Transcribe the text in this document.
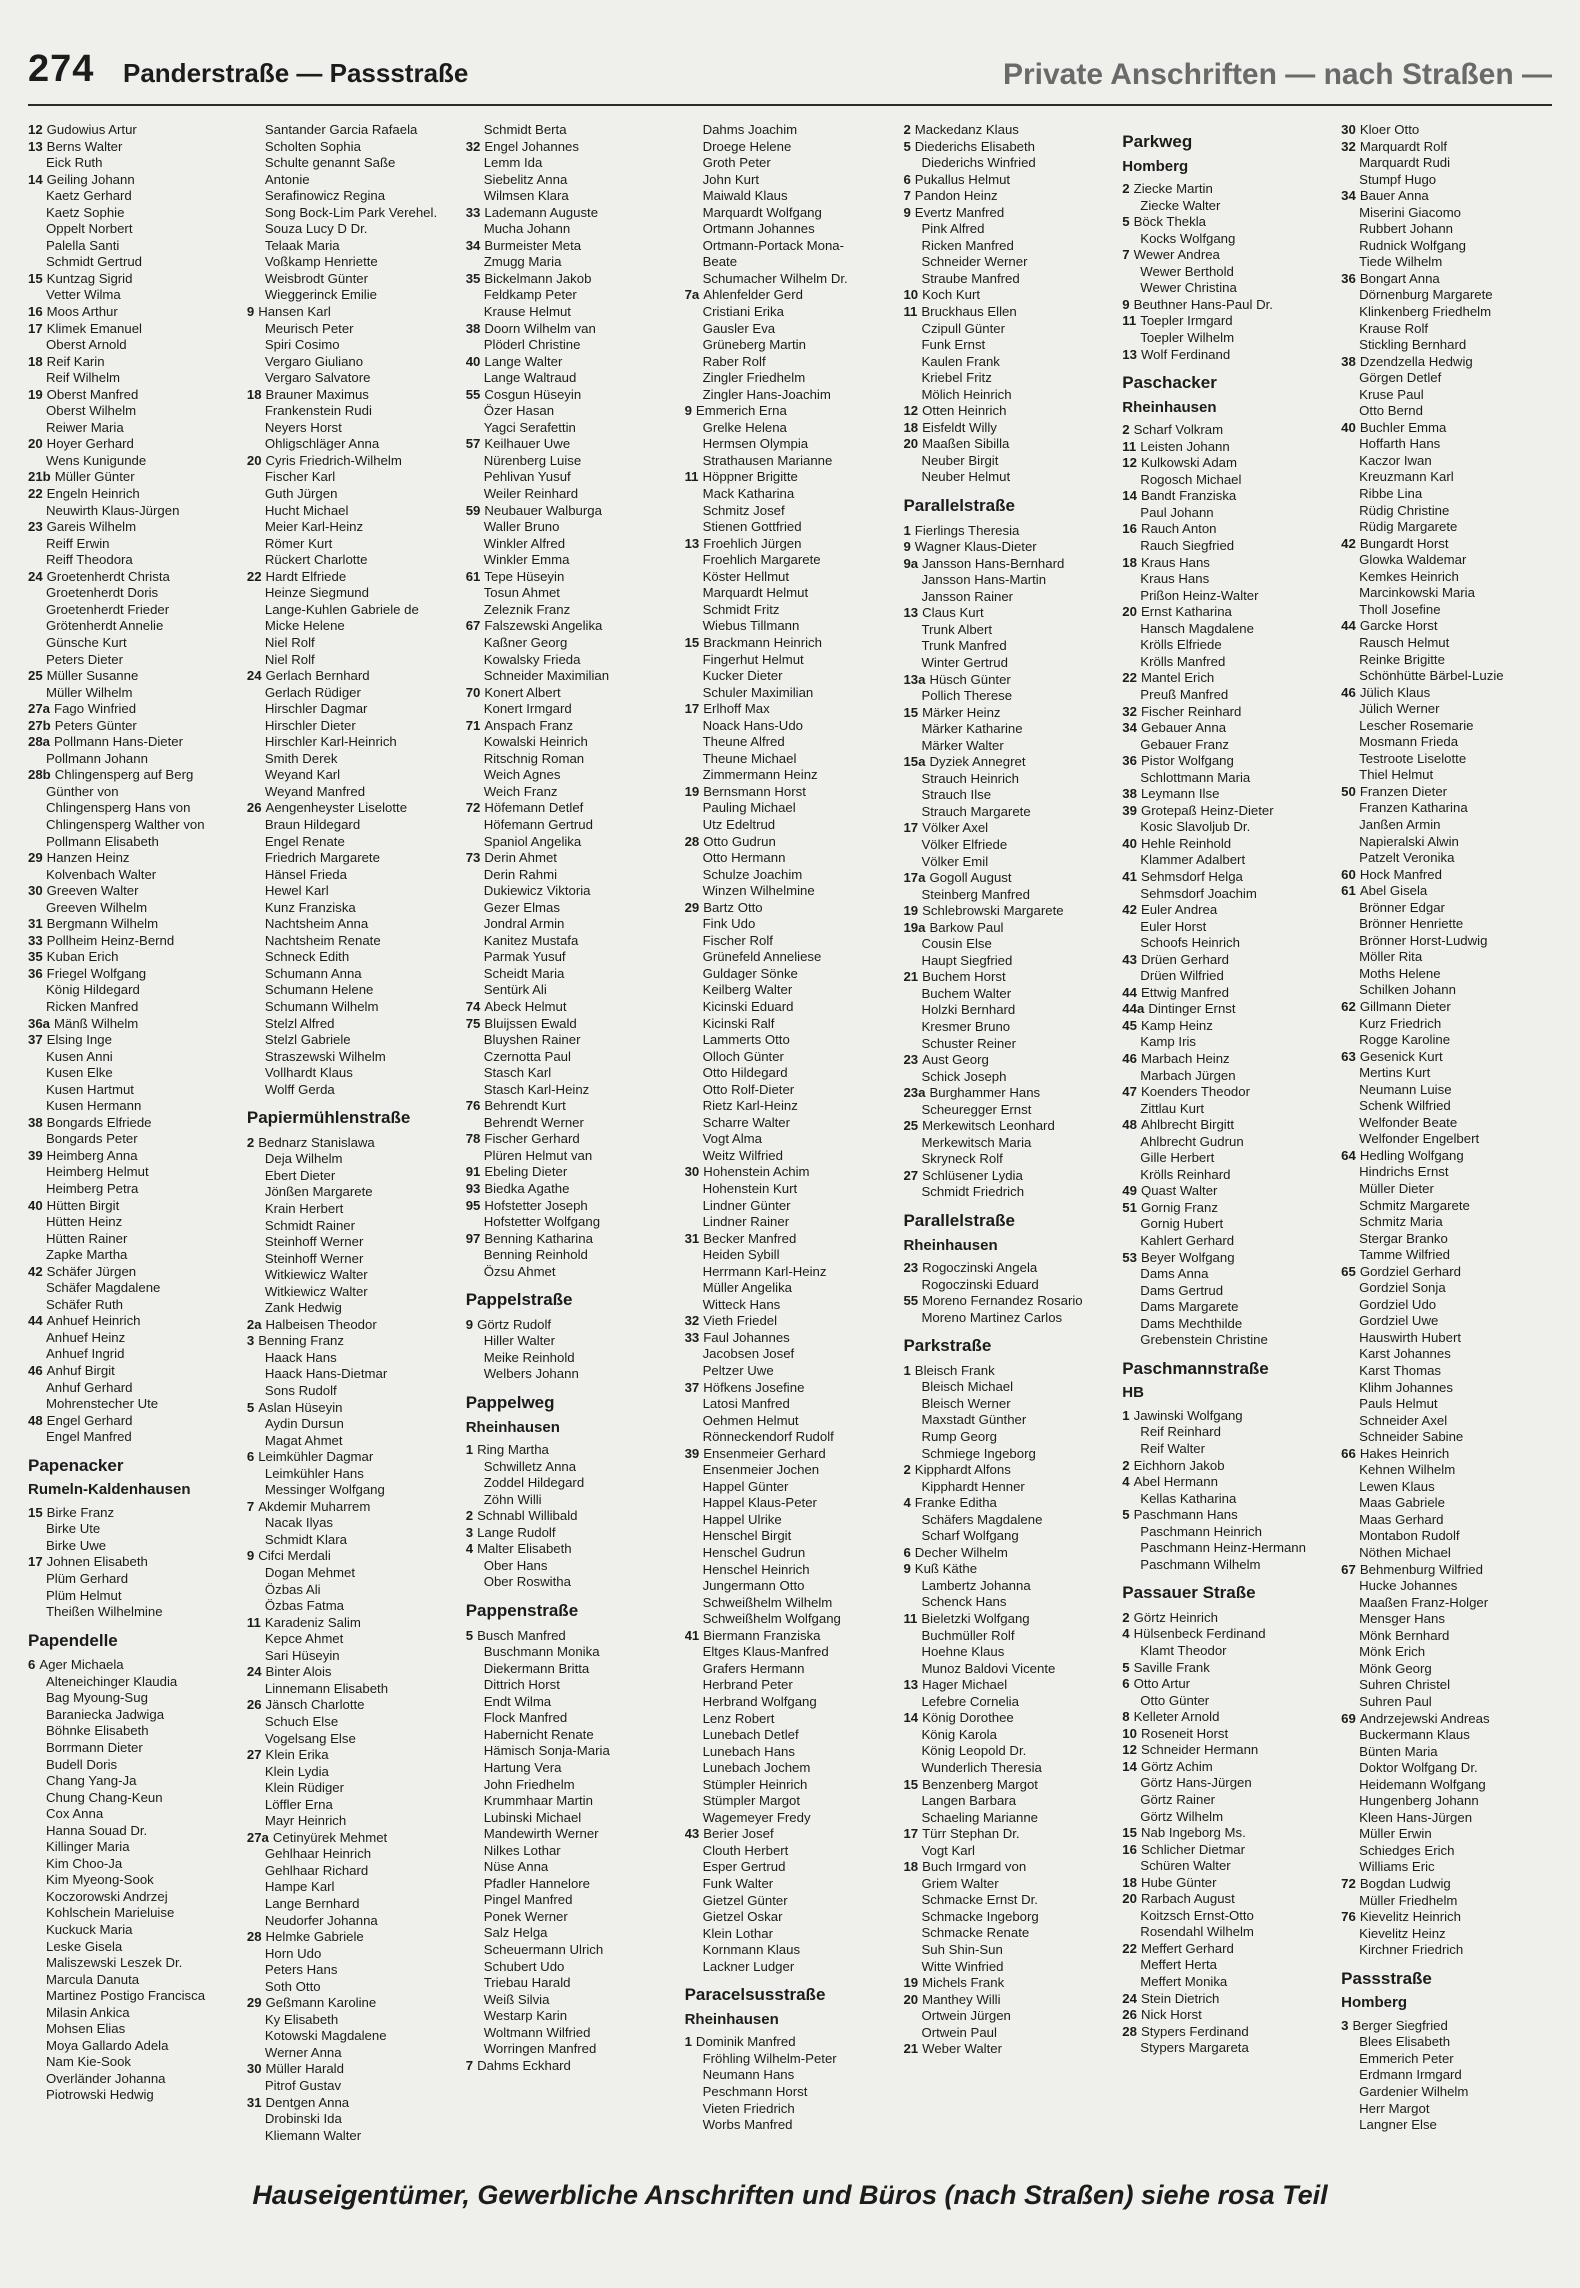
274 Panderstraße — Passstraße	Private Anschriften — nach Straßen —
12 Gudowius Artur
13 Berns Walter
Eick Ruth
14 Geiling Johann
Kaetz Gerhard
Kaetz Sophie
Oppelt Norbert
Palella Santi
Schmidt Gertrud
15 Kuntzag Sigrid
Vetter Wilma
16 Moos Arthur
17 Klimek Emanuel
Oberst Arnold
18 Reif Karin
Reif Wilhelm
19 Oberst Manfred
Oberst Wilhelm
Reiwer Maria
20 Hoyer Gerhard
Wens Kunigunde
21b Müller Günter
22 Engeln Heinrich
Neuwirth Klaus-Jürgen
23 Gareis Wilhelm
Reiff Erwin
Reiff Theodora
24 Groetenherdt Christa
Groetenherdt Doris
Groetenherdt Frieder
Grötenherdt Annelie
Günsche Kurt
Peters Dieter
25 Müller Susanne
Müller Wilhelm
27a Fago Winfried
27b Peters Günter
28a Pollmann Hans-Dieter
Pollmann Johann
28b Chlingensperg auf Berg
Günther von
Chlingensperg Hans von
Chlingensperg Walther von
Pollmann Elisabeth
29 Hanzen Heinz
Kolvenbach Walter
30 Greeven Walter
Greeven Wilhelm
31 Bergmann Wilhelm
33 Pollheim Heinz-Bernd
35 Kuban Erich
36 Friegel Wolfgang
König Hildegard
Ricken Manfred
36a Mänß Wilhelm
37 Elsing Inge
Kusen Anni
Kusen Elke
Kusen Hartmut
Kusen Hermann
38 Bongards Elfriede
Bongards Peter
39 Heimberg Anna
Heimberg Helmut
Heimberg Petra
40 Hütten Birgit
Hütten Heinz
Hütten Rainer
Zapke Martha
42 Schäfer Jürgen
Schäfer Magdalene
Schäfer Ruth
44 Anhuef Heinrich
Anhuef Heinz
Anhuef Ingrid
46 Anhuf Birgit
Anhuf Gerhard
Mohrenstecher Ute
48 Engel Gerhard
Engel Manfred
Papenacker
Rumeln-Kaldenhausen
15 Birke Franz
Birke Ute
Birke Uwe
17 Johnen Elisabeth
Plüm Gerhard
Plüm Helmut
Theißen Wilhelmine
Papendelle
6 Ager Michaela
Alteneichinger Klaudia
Bag Myoung-Sug
Baraniecka Jadwiga
Böhnke Elisabeth
Borrmann Dieter
Budell Doris
Chang Yang-Ja
Chung Chang-Keun
Cox Anna
Hanna Souad Dr.
Killinger Maria
Kim Choo-Ja
Kim Myeong-Sook
Koczorowski Andrzej
Kohlschein Marieluise
Kuckuck Maria
Leske Gisela
Maliszewski Leszek Dr.
Marcula Danuta
Martinez Postigo Francisca
Milasin Ankica
Mohsen Elias
Moya Gallardo Adela
Nam Kie-Sook
Overländer Johanna
Piotrowski Hedwig
Santander Garcia Rafaela
Scholten Sophia
Schulte genannt Saße
Antonie
Serafinowicz Regina
Song Bock-Lim Park Verehel.
Souza Lucy D Dr.
Telaak Maria
Voßkamp Henriette
Weisbrodt Günter
Wieggerinck Emilie
9 Hansen Karl
Meurisch Peter
Spiri Cosimo
Vergaro Giuliano
Vergaro Salvatore
18 Brauner Maximus
Frankenstein Rudi
Neyers Horst
Ohligschläger Anna
20 Cyris Friedrich-Wilhelm
Fischer Karl
Guth Jürgen
Hucht Michael
Meier Karl-Heinz
Römer Kurt
Rückert Charlotte
22 Hardt Elfriede
Heinze Siegmund
Lange-Kuhlen Gabriele de
Micke Helene
Niel Rolf
Niel Rolf
24 Gerlach Bernhard
Gerlach Rüdiger
Hirschler Dagmar
Hirschler Dieter
Hirschler Karl-Heinrich
Smith Derek
Weyand Karl
Weyand Manfred
26 Aengenheyster Liselotte
Braun Hildegard
Engel Renate
Friedrich Margarete
Hänsel Frieda
Hewel Karl
Kunz Franziska
Nachtsheim Anna
Nachtsheim Renate
Schneck Edith
Schumann Anna
Schumann Helene
Schumann Wilhelm
Stelzl Alfred
Stelzl Gabriele
Straszewski Wilhelm
Vollhardt Klaus
Wolff Gerda
Papiermühlenstraße
2 Bednarz Stanislawa
Deja Wilhelm
Ebert Dieter
Jönßen Margarete
Krain Herbert
Schmidt Rainer
Steinhoff Werner
Steinhoff Werner
Witkiewicz Walter
Witkiewicz Walter
Zank Hedwig
2a Halbeisen Theodor
3 Benning Franz
Haack Hans
Haack Hans-Dietmar
Sons Rudolf
5 Aslan Hüseyin
Aydin Dursun
Magat Ahmet
6 Leimkühler Dagmar
Leimkühler Hans
Messinger Wolfgang
7 Akdemir Muharrem
Nacak Ilyas
Schmidt Klara
9 Cifci Merdali
Dogan Mehmet
Özbas Ali
Özbas Fatma
11 Karadeniz Salim
Kepce Ahmet
Sari Hüseyin
24 Binter Alois
Linnemann Elisabeth
26 Jänsch Charlotte
Schuch Else
Vogelsang Else
27 Klein Erika
Klein Lydia
Klein Rüdiger
Löffler Erna
Mayr Heinrich
27a Cetinyürek Mehmet
Gehlhaar Heinrich
Gehlhaar Richard
Hampe Karl
Lange Bernhard
Neudorfer Johanna
28 Helmke Gabriele
Horn Udo
Peters Hans
Soth Otto
29 Geßmann Karoline
Ky Elisabeth
Kotowski Magdalene
Werner Anna
30 Müller Harald
Pitrof Gustav
31 Dentgen Anna
Drobinski Ida
Kliemann Walter
Schmidt Berta
32 Engel Johannes
Lemm Ida
Siebelitz Anna
Wilmsen Klara
33 Lademann Auguste
Mucha Johann
34 Burmeister Meta
Zmugg Maria
35 Bickelmann Jakob
Feldkamp Peter
Krause Helmut
38 Doorn Wilhelm van
Plöderl Christine
40 Lange Walter
Lange Waltraud
55 Cosgun Hüseyin
Özer Hasan
Yagci Serafettin
57 Keilhauer Uwe
Nürenberg Luise
Pehlivan Yusuf
Weiler Reinhard
59 Neubauer Walburga
Waller Bruno
Winkler Alfred
Winkler Emma
61 Tepe Hüseyin
Tosun Ahmet
Zeleznik Franz
67 Falszewski Angelika
Kaßner Georg
Kowalsky Frieda
Schneider Maximilian
70 Konert Albert
Konert Irmgard
71 Anspach Franz
Kowalski Heinrich
Ritschnig Roman
Weich Agnes
Weich Franz
72 Höfemann Detlef
Höfemann Gertrud
Spaniol Angelika
73 Derin Ahmet
Derin Rahmi
Dukiewicz Viktoria
Gezer Elmas
Jondral Armin
Kanitez Mustafa
Parmak Yusuf
Scheidt Maria
Sentürk Ali
74 Abeck Helmut
75 Bluijssen Ewald
Bluyshen Rainer
Czernotta Paul
Stasch Karl
Stasch Karl-Heinz
76 Behrendt Kurt
Behrendt Werner
78 Fischer Gerhard
Plüren Helmut van
91 Ebeling Dieter
93 Biedka Agathe
95 Hofstetter Joseph
Hofstetter Wolfgang
97 Benning Katharina
Benning Reinhold
Özsu Ahmet
Pappelstraße
9 Görtz Rudolf
Hiller Walter
Meike Reinhold
Welbers Johann
Pappelweg
Rheinhausen
1 Ring Martha
Schwilletz Anna
Zoddel Hildegard
Zöhn Willi
2 Schnabl Willibald
3 Lange Rudolf
4 Malter Elisabeth
Ober Hans
Ober Roswitha
Pappenstraße
5 Busch Manfred
Buschmann Monika
Diekermann Britta
Dittrich Horst
Endt Wilma
Flock Manfred
Habernicht Renate
Hämisch Sonja-Maria
Hartung Vera
John Friedhelm
Krummhaar Martin
Lubinski Michael
Mandewirth Werner
Nilkes Lothar
Nüse Anna
Pfadler Hannelore
Pingel Manfred
Ponek Werner
Salz Helga
Scheuermann Ulrich
Schubert Udo
Triebau Harald
Weiß Silvia
Westarp Karin
Woltmann Wilfried
Worringen Manfred
7 Dahms Eckhard
Dahms Joachim
Droege Helene
Groth Peter
John Kurt
Maiwald Klaus
Marquardt Wolfgang
Ortmann Johannes
Ortmann-Portack Mona-
Beate
Schumacher Wilhelm Dr.
7a Ahlenfelder Gerd
Cristiani Erika
Gausler Eva
Grüneberg Martin
Raber Rolf
Zingler Friedhelm
Zingler Hans-Joachim
9 Emmerich Erna
Grelke Helena
Hermsen Olympia
Strathausen Marianne
11 Höppner Brigitte
Mack Katharina
Schmitz Josef
Stienen Gottfried
13 Froehlich Jürgen
Froehlich Margarete
Köster Hellmut
Marquardt Helmut
Schmidt Fritz
Wiebus Tillmann
15 Brackmann Heinrich
Fingerhut Helmut
Kucker Dieter
Schuler Maximilian
17 Erlhoff Max
Noack Hans-Udo
Theune Alfred
Theune Michael
Zimmermann Heinz
19 Bernsmann Horst
Pauling Michael
Utz Edeltrud
28 Otto Gudrun
Otto Hermann
Schulze Joachim
Winzen Wilhelmine
29 Bartz Otto
Fink Udo
Fischer Rolf
Grünefeld Anneliese
Guldager Sönke
Keilberg Walter
Kicinski Eduard
Kicinski Ralf
Lammerts Otto
Olloch Günter
Otto Hildegard
Otto Rolf-Dieter
Rietz Karl-Heinz
Scharre Walter
Vogt Alma
Weitz Wilfried
30 Hohenstein Achim
Hohenstein Kurt
Lindner Günter
Lindner Rainer
31 Becker Manfred
Heiden Sybill
Herrmann Karl-Heinz
Müller Angelika
Witteck Hans
32 Vieth Friedel
33 Faul Johannes
Jacobsen Josef
Peltzer Uwe
37 Höfkens Josefine
Latosi Manfred
Oehmen Helmut
Rönneckendorf Rudolf
39 Ensenmeier Gerhard
Ensenmeier Jochen
Happel Günter
Happel Klaus-Peter
Happel Ulrike
Henschel Birgit
Henschel Gudrun
Henschel Heinrich
Jungermann Otto
Schweißhelm Wilhelm
Schweißhelm Wolfgang
41 Biermann Franziska
Eltges Klaus-Manfred
Grafers Hermann
Herbrand Peter
Herbrand Wolfgang
Lenz Robert
Lunebach Detlef
Lunebach Hans
Lunebach Jochem
Stümpler Heinrich
Stümpler Margot
Wagemeyer Fredy
43 Berier Josef
Clouth Herbert
Esper Gertrud
Funk Walter
Gietzel Günter
Gietzel Oskar
Klein Lothar
Kornmann Klaus
Lackner Ludger
Paracelsusstraße
Rheinhausen
1 Dominik Manfred
Fröhling Wilhelm-Peter
Neumann Hans
Peschmann Horst
Vieten Friedrich
Worbs Manfred
2 Mackedanz Klaus
5 Diederichs Elisabeth
Diederichs Winfried
6 Pukallus Helmut
7 Pandon Heinz
9 Evertz Manfred
Pink Alfred
Ricken Manfred
Schneider Werner
Straube Manfred
10 Koch Kurt
11 Bruckhaus Ellen
Czipull Günter
Funk Ernst
Kaulen Frank
Kriebel Fritz
Mölich Heinrich
12 Otten Heinrich
18 Eisfeldt Willy
20 Maaßen Sibilla
Neuber Birgit
Neuber Helmut
Parallelstraße
1 Fierlings Theresia
9 Wagner Klaus-Dieter
9a Jansson Hans-Bernhard
Jansson Hans-Martin
Jansson Rainer
13 Claus Kurt
Trunk Albert
Trunk Manfred
Winter Gertrud
13a Hüsch Günter
Pollich Therese
15 Märker Heinz
Märker Katharine
Märker Walter
15a Dyziek Annegret
Strauch Heinrich
Strauch Ilse
Strauch Margarete
17 Völker Axel
Völker Elfriede
Völker Emil
17a Gogoll August
Steinberg Manfred
19 Schlebrowski Margarete
19a Barkow Paul
Cousin Else
Haupt Siegfried
21 Buchem Horst
Buchem Walter
Holzki Bernhard
Kresmer Bruno
Schuster Reiner
23 Aust Georg
Schick Joseph
23a Burghammer Hans
Scheuregger Ernst
25 Merkewitsch Leonhard
Merkewitsch Maria
Skryneck Rolf
27 Schlüsener Lydia
Schmidt Friedrich
Parallelstraße
Rheinhausen
23 Rogoczinski Angela
Rogoczinski Eduard
55 Moreno Fernandez Rosario
Moreno Martinez Carlos
Parkstraße
1 Bleisch Frank
Bleisch Michael
Bleisch Werner
Maxstadt Günther
Rump Georg
Schmiege Ingeborg
2 Kipphardt Alfons
Kipphardt Henner
4 Franke Editha
Schäfers Magdalene
Scharf Wolfgang
6 Decher Wilhelm
9 Kuß Käthe
Lambertz Johanna
Schenck Hans
11 Bieletzki Wolfgang
Buchmüller Rolf
Hoehne Klaus
Munoz Baldovi Vicente
13 Hager Michael
Lefebre Cornelia
14 König Dorothee
König Karola
König Leopold Dr.
Wunderlich Theresia
15 Benzenberg Margot
Langen Barbara
Schaeling Marianne
17 Türr Stephan Dr.
Vogt Karl
18 Buch Irmgard von
Griem Walter
Schmacke Ernst Dr.
Schmacke Ingeborg
Schmacke Renate
Suh Shin-Sun
Witte Winfried
19 Michels Frank
20 Manthey Willi
Ortwein Jürgen
Ortwein Paul
21 Weber Walter
Parkweg
Homberg
2 Ziecke Martin
Ziecke Walter
5 Böck Thekla
Kocks Wolfgang
7 Wewer Andrea
Wewer Berthold
Wewer Christina
9 Beuthner Hans-Paul Dr.
11 Toepler Irmgard
Toepler Wilhelm
13 Wolf Ferdinand
Paschacker
Rheinhausen
2 Scharf Volkram
11 Leisten Johann
12 Kulkowski Adam
Rogosch Michael
14 Bandt Franziska
Paul Johann
16 Rauch Anton
Rauch Siegfried
18 Kraus Hans
Kraus Hans
Prißon Heinz-Walter
20 Ernst Katharina
Hansch Magdalene
Krölls Elfriede
Krölls Manfred
22 Mantel Erich
Preuß Manfred
32 Fischer Reinhard
34 Gebauer Anna
Gebauer Franz
36 Pistor Wolfgang
Schlottmann Maria
38 Leymann Ilse
39 Grotepaß Heinz-Dieter
Kosic Slavoljub Dr.
40 Hehle Reinhold
Klammer Adalbert
41 Sehmsdorf Helga
Sehmsdorf Joachim
42 Euler Andrea
Euler Horst
Schoofs Heinrich
43 Drüen Gerhard
Drüen Wilfried
44 Ettwig Manfred
44a Dintinger Ernst
45 Kamp Heinz
Kamp Iris
46 Marbach Heinz
Marbach Jürgen
47 Koenders Theodor
Zittlau Kurt
48 Ahlbrecht Birgitt
Ahlbrecht Gudrun
Gille Herbert
Krölls Reinhard
49 Quast Walter
51 Gornig Franz
Gornig Hubert
Kahlert Gerhard
53 Beyer Wolfgang
Dams Anna
Dams Gertrud
Dams Margarete
Dams Mechthilde
Grebenstein Christine
Paschmannstraße
HB
1 Jawinski Wolfgang
Reif Reinhard
Reif Walter
2 Eichhorn Jakob
4 Abel Hermann
Kellas Katharina
5 Paschmann Hans
Paschmann Heinrich
Paschmann Heinz-Hermann
Paschmann Wilhelm
Passauer Straße
2 Görtz Heinrich
4 Hülsenbeck Ferdinand
Klamt Theodor
5 Saville Frank
6 Otto Artur
Otto Günter
8 Kelleter Arnold
10 Roseneit Horst
12 Schneider Hermann
14 Görtz Achim
Görtz Hans-Jürgen
Görtz Rainer
Görtz Wilhelm
15 Nab Ingeborg Ms.
16 Schlicher Dietmar
Schüren Walter
18 Hube Günter
20 Rarbach August
Koitzsch Ernst-Otto
Rosendahl Wilhelm
22 Meffert Gerhard
Meffert Herta
Meffert Monika
24 Stein Dietrich
26 Nick Horst
28 Stypers Ferdinand
Stypers Margareta
30 Kloer Otto
32 Marquardt Rolf
Marquardt Rudi
Stumpf Hugo
34 Bauer Anna
Miserini Giacomo
Rubbert Johann
Rudnick Wolfgang
Tiede Wilhelm
36 Bongart Anna
Dörnenburg Margarete
Klinkenberg Friedhelm
Krause Rolf
Stickling Bernhard
38 Dzendzella Hedwig
Görgen Detlef
Kruse Paul
Otto Bernd
40 Buchler Emma
Hoffarth Hans
Kaczor Iwan
Kreuzmann Karl
Ribbe Lina
Rüdig Christine
Rüdig Margarete
42 Bungardt Horst
Glowka Waldemar
Kemkes Heinrich
Marcinkowski Maria
Tholl Josefine
44 Garcke Horst
Rausch Helmut
Reinke Brigitte
Schönhütte Bärbel-Luzie
46 Jülich Klaus
Jülich Werner
Lescher Rosemarie
Mosmann Frieda
Testroote Liselotte
Thiel Helmut
50 Franzen Dieter
Franzen Katharina
Janßen Armin
Napieralski Alwin
Patzelt Veronika
60 Hock Manfred
61 Abel Gisela
Brönner Edgar
Brönner Henriette
Brönner Horst-Ludwig
Möller Rita
Moths Helene
Schilken Johann
62 Gillmann Dieter
Kurz Friedrich
Rogge Karoline
63 Gesenick Kurt
Mertins Kurt
Neumann Luise
Schenk Wilfried
Welfonder Beate
Welfonder Engelbert
64 Hedling Wolfgang
Hindrichs Ernst
Müller Dieter
Schmitz Margarete
Schmitz Maria
Stergar Branko
Tamme Wilfried
65 Gordziel Gerhard
Gordziel Sonja
Gordziel Udo
Gordziel Uwe
Hauswirth Hubert
Karst Johannes
Karst Thomas
Klihm Johannes
Pauls Helmut
Schneider Axel
Schneider Sabine
66 Hakes Heinrich
Kehnen Wilhelm
Lewen Klaus
Maas Gabriele
Maas Gerhard
Montabon Rudolf
Nöthen Michael
67 Behmenburg Wilfried
Hucke Johannes
Maaßen Franz-Holger
Mensger Hans
Mönk Bernhard
Mönk Erich
Mönk Georg
Suhren Christel
Suhren Paul
69 Andrzejewski Andreas
Buckermann Klaus
Bünten Maria
Doktor Wolfgang Dr.
Heidemann Wolfgang
Hungenberg Johann
Kleen Hans-Jürgen
Müller Erwin
Schiedges Erich
Williams Eric
72 Bogdan Ludwig
Müller Friedhelm
76 Kievelitz Heinrich
Kievelitz Heinz
Kirchner Friedrich
Passstraße
Homberg
3 Berger Siegfried
Blees Elisabeth
Emmerich Peter
Erdmann Irmgard
Gardenier Wilhelm
Herr Margot
Langner Else
Hauseigentümer, Gewerbliche Anschriften und Büros (nach Straßen) siehe rosa Teil
